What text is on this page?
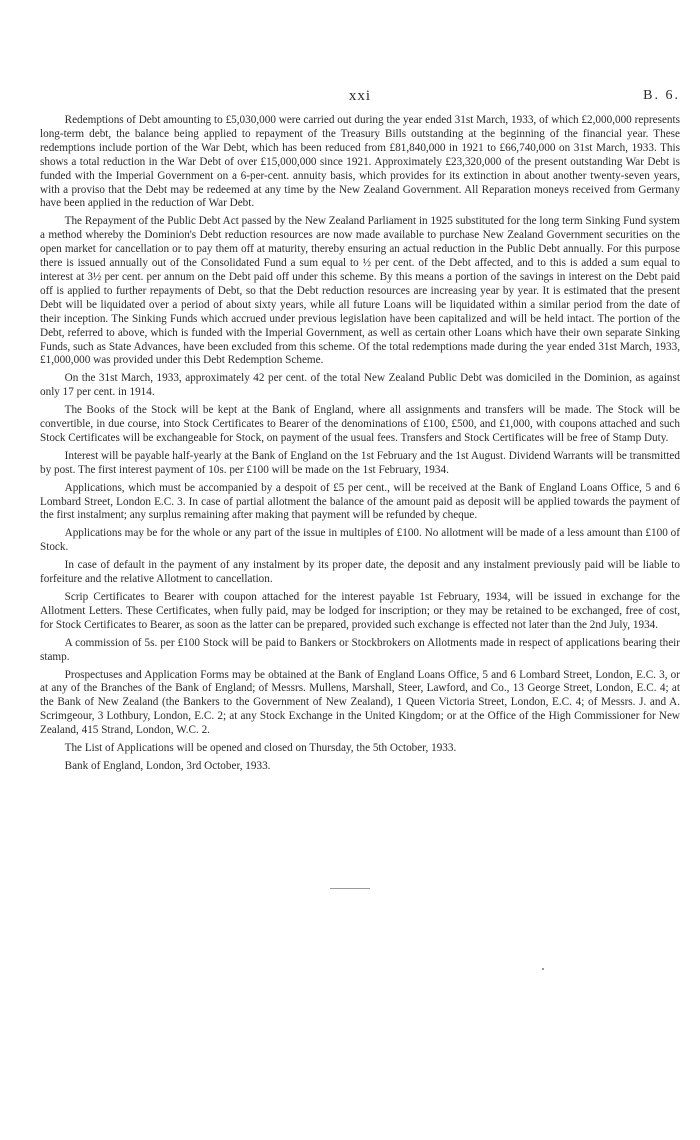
xxi	B. 6.

Redemptions of Debt amounting to £5,030,000 were carried out during the year ended 31st March, 1933, of which £2,000,000 represents long-term debt, the balance being applied to repayment of the Treasury Bills outstanding at the beginning of the financial year. These redemptions include portion of the War Debt, which has been reduced from £81,840,000 in 1921 to £66,740,000 on 31st March, 1933. This shows a total reduction in the War Debt of over £15,000,000 since 1921. Approximately £23,320,000 of the present outstanding War Debt is funded with the Imperial Government on a 6-per-cent. annuity basis, which provides for its extinction in about another twenty-seven years, with a proviso that the Debt may be redeemed at any time by the New Zealand Government. All Reparation moneys received from Germany have been applied in the reduction of War Debt.

The Repayment of the Public Debt Act passed by the New Zealand Parliament in 1925 substituted for the long term Sinking Fund system a method whereby the Dominion's Debt reduction resources are now made available to purchase New Zealand Government securities on the open market for cancellation or to pay them off at maturity, thereby ensuring an actual reduction in the Public Debt annually. For this purpose there is issued annually out of the Consolidated Fund a sum equal to ½ per cent. of the Debt affected, and to this is added a sum equal to interest at 3½ per cent. per annum on the Debt paid off under this scheme. By this means a portion of the savings in interest on the Debt paid off is applied to further repayments of Debt, so that the Debt reduction resources are increasing year by year. It is estimated that the present Debt will be liquidated over a period of about sixty years, while all future Loans will be liquidated within a similar period from the date of their inception. The Sinking Funds which accrued under previous legislation have been capitalized and will be held intact. The portion of the Debt, referred to above, which is funded with the Imperial Government, as well as certain other Loans which have their own separate Sinking Funds, such as State Advances, have been excluded from this scheme. Of the total redemptions made during the year ended 31st March, 1933, £1,000,000 was provided under this Debt Redemption Scheme.

On the 31st March, 1933, approximately 42 per cent. of the total New Zealand Public Debt was domiciled in the Dominion, as against only 17 per cent. in 1914.

The Books of the Stock will be kept at the Bank of England, where all assignments and transfers will be made. The Stock will be convertible, in due course, into Stock Certificates to Bearer of the denominations of £100, £500, and £1,000, with coupons attached and such Stock Certificates will be exchangeable for Stock, on payment of the usual fees. Transfers and Stock Certificates will be free of Stamp Duty.

Interest will be payable half-yearly at the Bank of England on the 1st February and the 1st August. Dividend Warrants will be transmitted by post. The first interest payment of 10s. per £100 will be made on the 1st February, 1934.

Applications, which must be accompanied by a despoit of £5 per cent., will be received at the Bank of England Loans Office, 5 and 6 Lombard Street, London E.C. 3. In case of partial allotment the balance of the amount paid as deposit will be applied towards the payment of the first instalment; any surplus remaining after making that payment will be refunded by cheque.

Applications may be for the whole or any part of the issue in multiples of £100. No allotment will be made of a less amount than £100 of Stock.

In case of default in the payment of any instalment by its proper date, the deposit and any instalment previously paid will be liable to forfeiture and the relative Allotment to cancellation.

Scrip Certificates to Bearer with coupon attached for the interest payable 1st February, 1934, will be issued in exchange for the Allotment Letters. These Certificates, when fully paid, may be lodged for inscription; or they may be retained to be exchanged, free of cost, for Stock Certificates to Bearer, as soon as the latter can be prepared, provided such exchange is effected not later than the 2nd July, 1934.

A commission of 5s. per £100 Stock will be paid to Bankers or Stockbrokers on Allotments made in respect of applications bearing their stamp.

Prospectuses and Application Forms may be obtained at the Bank of England Loans Office, 5 and 6 Lombard Street, London, E.C. 3, or at any of the Branches of the Bank of England; of Messrs. Mullens, Marshall, Steer, Lawford, and Co., 13 George Street, London, E.C. 4; at the Bank of New Zealand (the Bankers to the Government of New Zealand), 1 Queen Victoria Street, London, E.C. 4; of Messrs. J. and A. Scrimgeour, 3 Lothbury, London, E.C. 2; at any Stock Exchange in the United Kingdom; or at the Office of the High Commissioner for New Zealand, 415 Strand, London, W.C. 2.

The List of Applications will be opened and closed on Thursday, the 5th October, 1933.

Bank of England, London, 3rd October, 1933.
